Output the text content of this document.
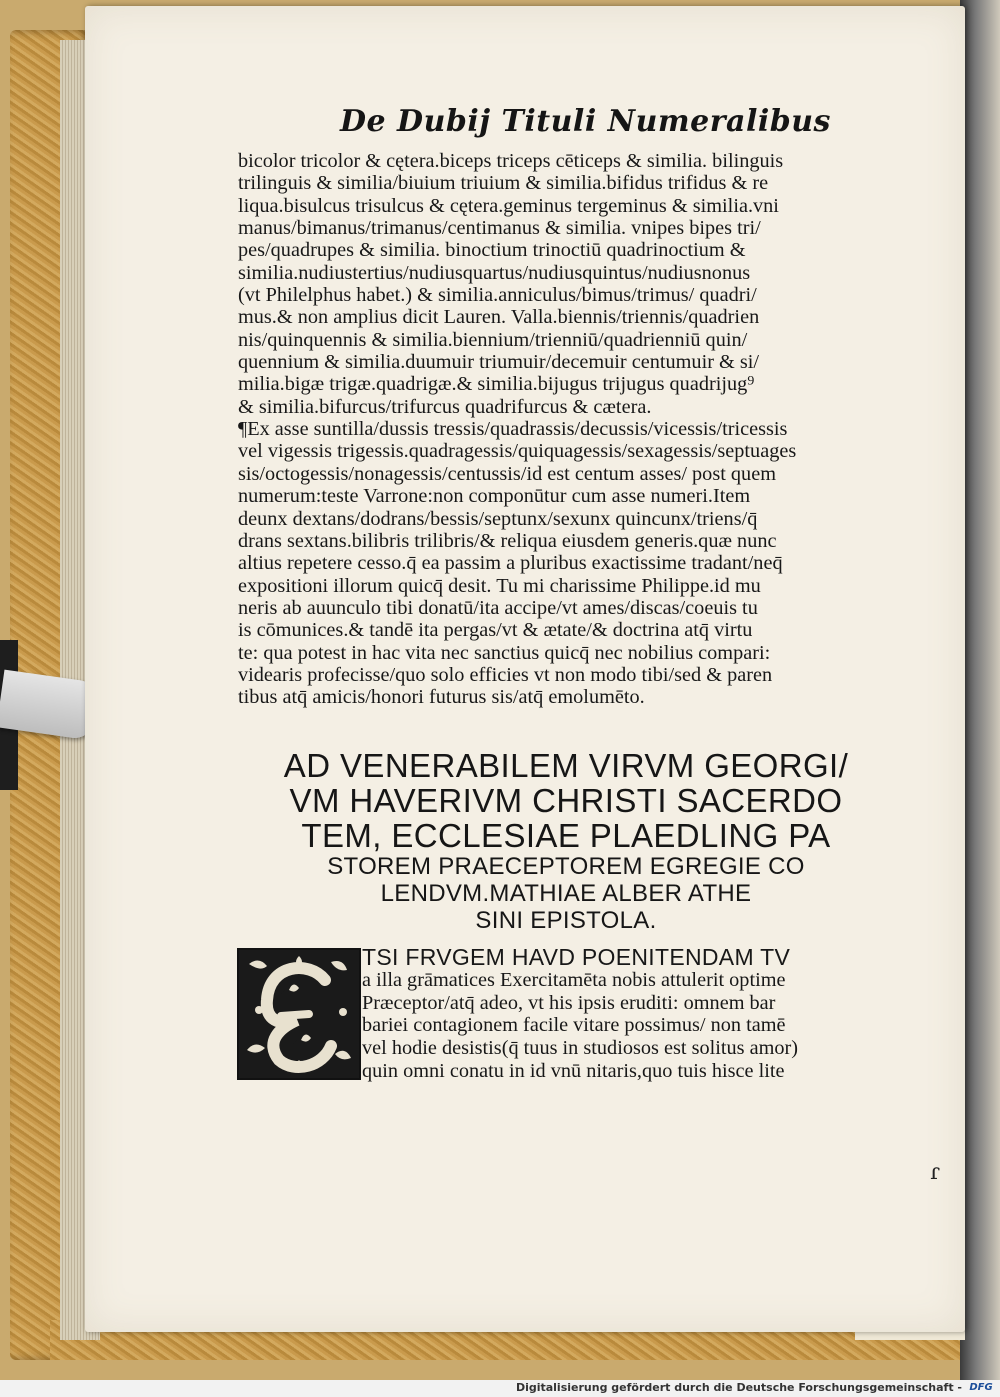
De Dubij Tituli Numeralibus
bicolor tricolor & cętera.biceps triceps cēticeps & similia. bilinguis
trilinguis & similia/biuium triuium & similia.bifidus trifidus & re
liqua.bisulcus trisulcus & cętera.geminus tergeminus & similia.vni
manus/bimanus/trimanus/centimanus & similia. vnipes bipes tri/
pes/quadrupes & similia. binoctium trinoctiū quadrinoctium &
similia.nudiustertius/nudiusquartus/nudiusquintus/nudiusnonus
(vt Philelphus habet.) & similia.anniculus/bimus/trimus/ quadri/
mus.& non amplius dicit Lauren. Valla.biennis/triennis/quadrien
nis/quinquennis & similia.biennium/trienniū/quadrienniū quin/
quennium & similia.duumuir triumuir/decemuir centumuir & si/
milia.bigæ trigæ.quadrigæ.& similia.bijugus trijugus quadrijug⁹
& similia.bifurcus/trifurcus quadrifurcus & cætera.
¶Ex asse suntilla/dussis tressis/quadrassis/decussis/vicessis/tricessis
vel vigessis trigessis.quadragessis/quiquagessis/sexagessis/septuages
sis/octogessis/nonagessis/centussis/id est centum asses/ post quem
numerum:teste Varrone:non componūtur cum asse numeri.Item
deunx dextans/dodrans/bessis/septunx/sexunx quincunx/triens/q̄
drans sextans.bilibris trilibris/& reliqua eiusdem generis.quæ nunc
altius repetere cesso.q̄ ea passim a pluribus exactissime tradant/neq̄
expositioni illorum quicq̄ desit. Tu mi charissime Philippe.id mu
neris ab auunculo tibi donatū/ita accipe/vt ames/discas/coeuis tu
is cōmunices.& tandē ita pergas/vt & ætate/& doctrina atq̄ virtu
te: qua potest in hac vita nec sanctius quicq̄ nec nobilius compari:
videaris profecisse/quo solo efficies vt non modo tibi/sed & paren
tibus atq̄ amicis/honori futurus sis/atq̄ emolumēto.
AD VENERABILEM VIRVM GEORGI/
VM HAVERIVM CHRISTI SACERDO
TEM, ECCLESIAE PLAEDLING PA
STOREM PRAECEPTOREM EGREGIE CO
LENDVM.MATHIAE ALBER ATHE
SINI EPISTOLA.
TSI FRVGEM HAVD POENITENDAM TV
a illa grāmatices Exercitamēta nobis attulerit optime
Præceptor/atq̄ adeo, vt his ipsis eruditi: omnem bar
bariei contagionem facile vitare possimus/ non tamē
vel hodie desistis(q̄ tuus in studiosos est solitus amor)
quin omni conatu in id vnū nitaris,quo tuis hisce lite
ɾ
Digitalisierung gefördert durch die Deutsche Forschungsgemeinschaft - DFG
